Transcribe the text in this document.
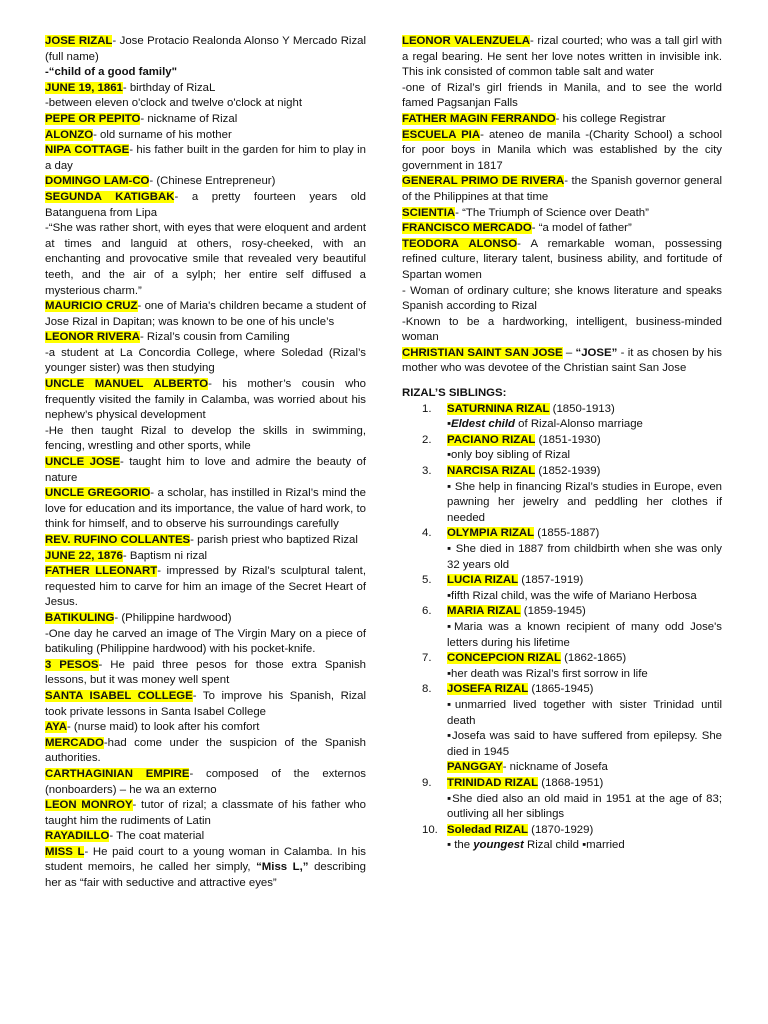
JOSE RIZAL- Jose Protacio Realonda Alonso Y Mercado Rizal (full name)

-“child of a good family"

JUNE 19, 1861- birthday of RizaL

-between eleven o'clock and twelve o'clock at night

PEPE OR PEPITO- nickname of Rizal

ALONZO- old surname of his mother

NIPA COTTAGE- his father built in the garden for him to play in a day

DOMINGO LAM-CO- (Chinese Entrepreneur)

SEGUNDA KATIGBAK- a pretty fourteen years old Batanguena from Lipa

-“She was rather short, with eyes that were eloquent and ardent at times and languid at others, rosy-cheeked, with an enchanting and provocative smile that revealed very beautiful teeth, and the air of a sylph; her entire self diffused a mysterious charm.”

MAURICIO CRUZ- one of Maria's children became a student of Jose Rizal in Dapitan; was known to be one of his uncle’s

LEONOR RIVERA- Rizal’s cousin from Camiling

-a student at La Concordia College, where Soledad (Rizal’s younger sister) was then studying

UNCLE MANUEL ALBERTO- his mother’s cousin who frequently visited the family in Calamba, was worried about his nephew’s physical development

-He then taught Rizal to develop the skills in swimming, fencing, wrestling and other sports, while

UNCLE JOSE- taught him to love and admire the beauty of nature

UNCLE GREGORIO- a scholar, has instilled in Rizal’s mind the love for education and its importance, the value of hard work, to think for himself, and to observe his surroundings carefully

REV. RUFINO COLLANTES- parish priest who baptized Rizal

JUNE 22, 1876- Baptism ni rizal

FATHER LLEONART- impressed by Rizal’s sculptural talent, requested him to carve for him an image of the Secret Heart of Jesus.

BATIKULING- (Philippine hardwood)

-One day he carved an image of The Virgin Mary on a piece of batikuling (Philippine hardwood) with his pocket-knife.

3 PESOS- He paid three pesos for those extra Spanish lessons, but it was money well spent

SANTA ISABEL COLLEGE- To improve his Spanish, Rizal took private lessons in Santa Isabel College

AYA- (nurse maid) to look after his comfort

MERCADO-had come under the suspicion of the Spanish authorities.

CARTHAGINIAN EMPIRE- composed of the externos (nonboarders) – he wa an externo

LEON MONROY- tutor of rizal; a classmate of his father who taught him the rudiments of Latin

RAYADILLO- The coat material

MISS L- He paid court to a young woman in Calamba. In his student memoirs, he called her simply, “Miss L,” describing her as “fair with seductive and attractive eyes”

LEONOR VALENZUELA- rizal courted; who was a tall girl with a regal bearing. He sent her love notes written in invisible ink. This ink consisted of common table salt and water

-one of Rizal’s girl friends in Manila, and to see the world famed Pagsanjan Falls

FATHER MAGIN FERRANDO- his college Registrar

ESCUELA PIA- ateneo de manila -(Charity School) a school for poor boys in Manila which was established by the city government in 1817

GENERAL PRIMO DE RIVERA- the Spanish governor general of the Philippines at that time

SCIENTIA- “The Triumph of Science over Death”

FRANCISCO MERCADO- “a model of father”

TEODORA ALONSO- A remarkable woman, possessing refined culture, literary talent, business ability, and fortitude of Spartan women

- Woman of ordinary culture; she knows literature and speaks Spanish according to Rizal

-Known to be a hardworking, intelligent, business-minded woman

CHRISTIAN SAINT SAN JOSE – “JOSE” - it as chosen by his mother who was devotee of the Christian saint San Jose

RIZAL’S SIBLINGS:
1. SATURNINA RIZAL (1850-1913)
▪Eldest child of Rizal-Alonso marriage
2. PACIANO RIZAL (1851-1930)
▪only boy sibling of Rizal
3. NARCISA RIZAL (1852-1939)
▪ She help in financing Rizal’s studies in Europe, even pawning her jewelry and peddling her clothes if needed
4. OLYMPIA RIZAL (1855-1887)
▪ She died in 1887 from childbirth when she was only 32 years old
5. LUCIA RIZAL (1857-1919)
▪fifth Rizal child, was the wife of Mariano Herbosa
6. MARIA RIZAL (1859-1945)
▪Maria was a known recipient of many odd Jose's letters during his lifetime
7. CONCEPCION RIZAL (1862-1865)
▪her death was Rizal’s first sorrow in life
8. JOSEFA RIZAL (1865-1945)
▪unmarried lived together with sister Trinidad until death
▪Josefa was said to have suffered from epilepsy. She died in 1945
PANGGAY- nickname of Josefa
9. TRINIDAD RIZAL (1868-1951)
▪She died also an old maid in 1951 at the age of 83; outliving all her siblings
10. Soledad RIZAL (1870-1929)
▪ the youngest Rizal child ▪married
